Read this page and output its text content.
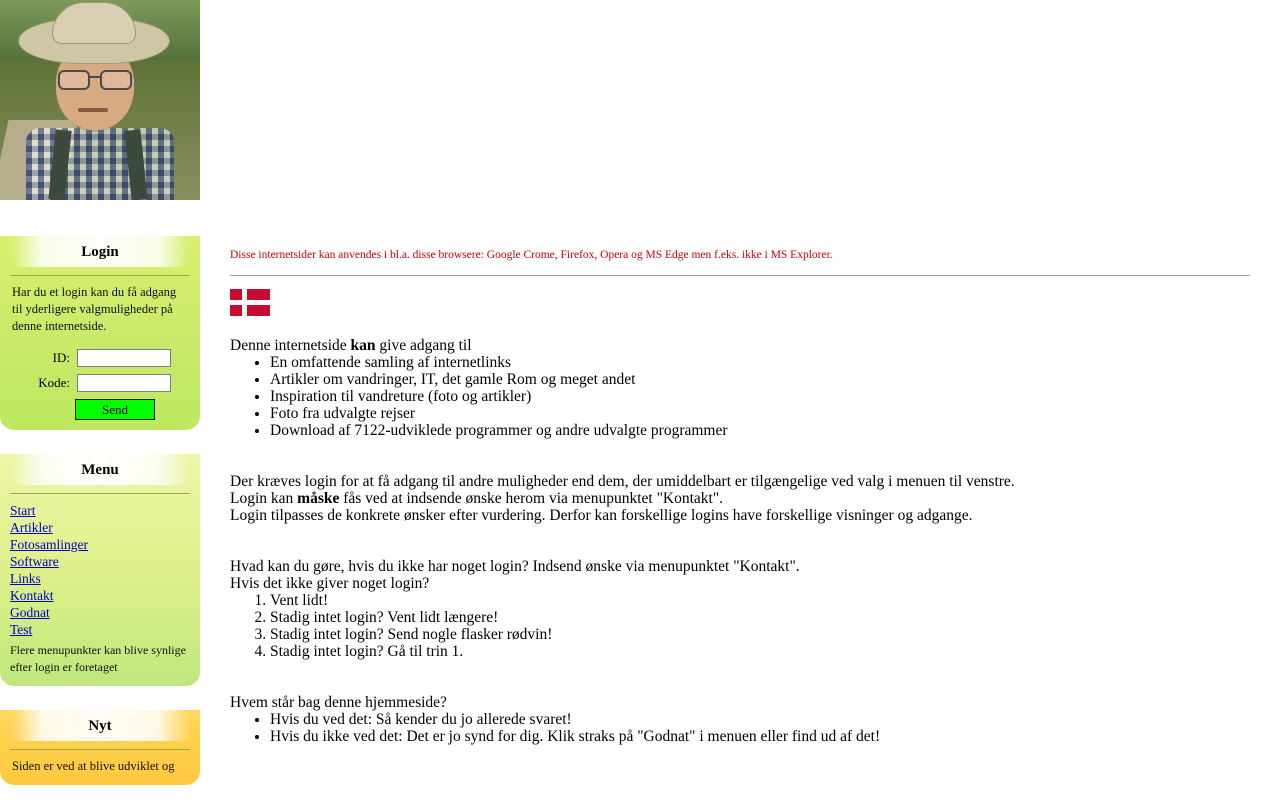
Login
Har du et login kan du få adgang til yderligere valgmuligheder på denne internetside.
ID:
Kode:
Send
Menu
Start
Artikler
Fotosamlinger
Software
Links
Kontakt
Godnat
Test
Flere menupunkter kan blive synlige efter login er foretaget
Nyt
Siden er ved at blive udviklet og
Disse internetsider kan anvendes i bl.a. disse browsere: Google Crome, Firefox, Opera og MS Edge men f.eks. ikke i MS Explorer.

Denne internetside kan give adgang til

• En omfattende samling af internetlinks
• Artikler om vandringer, IT, det gamle Rom og meget andet
• Inspiration til vandreture (foto og artikler)
• Foto fra udvalgte rejser
• Download af 7122-udviklede programmer og andre udvalgte programmer

Der kræves login for at få adgang til andre muligheder end dem, der umiddelbart er tilgængelige ved valg i menuen til venstre.

Login kan måske fås ved at indsende ønske herom via menupunktet "Kontakt".

Login tilpasses de konkrete ønsker efter vurdering. Derfor kan forskellige logins have forskellige visninger og adgange.

Hvad kan du gøre, hvis du ikke har noget login? Indsend ønske via menupunktet "Kontakt".

Hvis det ikke giver noget login?

1. Vent lidt!
2. Stadig intet login? Vent lidt længere!
3. Stadig intet login? Send nogle flasker rødvin!
4. Stadig intet login? Gå til trin 1.

Hvem står bag denne hjemmeside?

• Hvis du ved det: Så kender du jo allerede svaret!
• Hvis du ikke ved det: Det er jo synd for dig. Klik straks på "Godnat" i menuen eller find ud af det!
